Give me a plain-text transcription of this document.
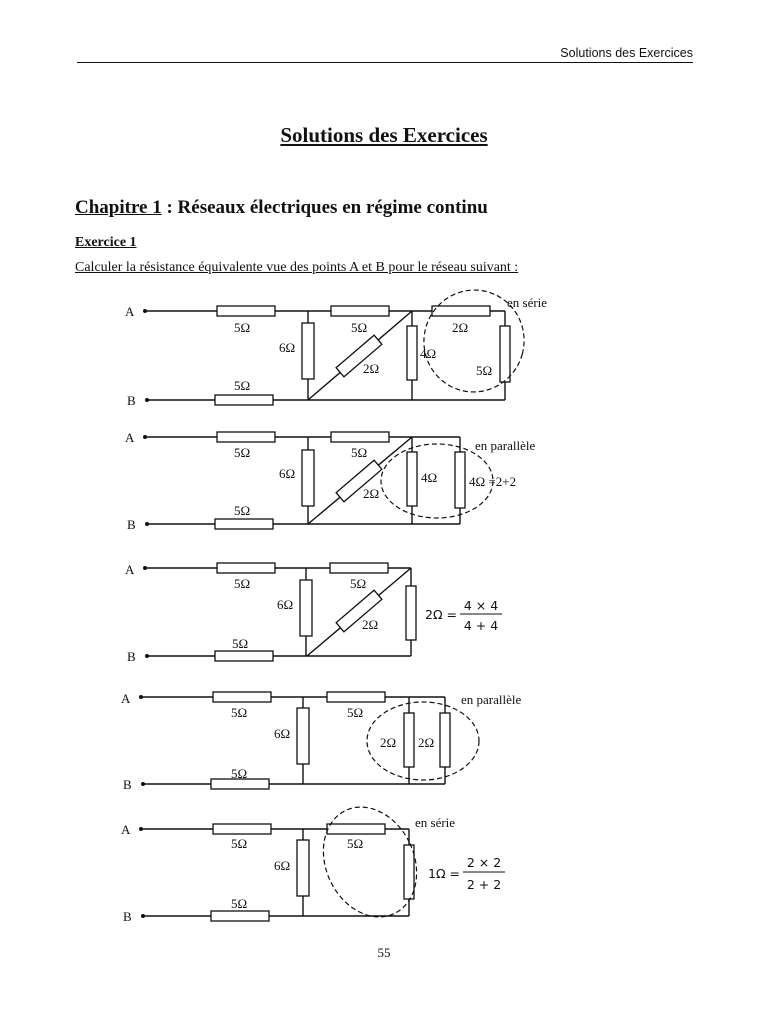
Solutions des Exercices
Solutions des Exercices
Chapitre 1 : Réseaux électriques en régime continu
Exercice 1
Calculer la résistance équivalente vue des points A et B pour le réseau suivant :
A
B
5Ω	5Ω
6Ω
5Ω
2Ω
4Ω
2Ω
5Ω
en série
A
B
5Ω	5Ω
6Ω
5Ω
2Ω
4Ω 4Ω =2+2
en parallèle
A
B
5Ω	5Ω
6Ω
2Ω
5Ω
2Ω =
4 × 4
4 + 4
A
B
5Ω	5Ω
6Ω
2Ω 2Ω
5Ω
en parallèle
A
B
5Ω	5Ω
6Ω
5Ω
en série
1Ω =
2 × 2
2 + 2
55
